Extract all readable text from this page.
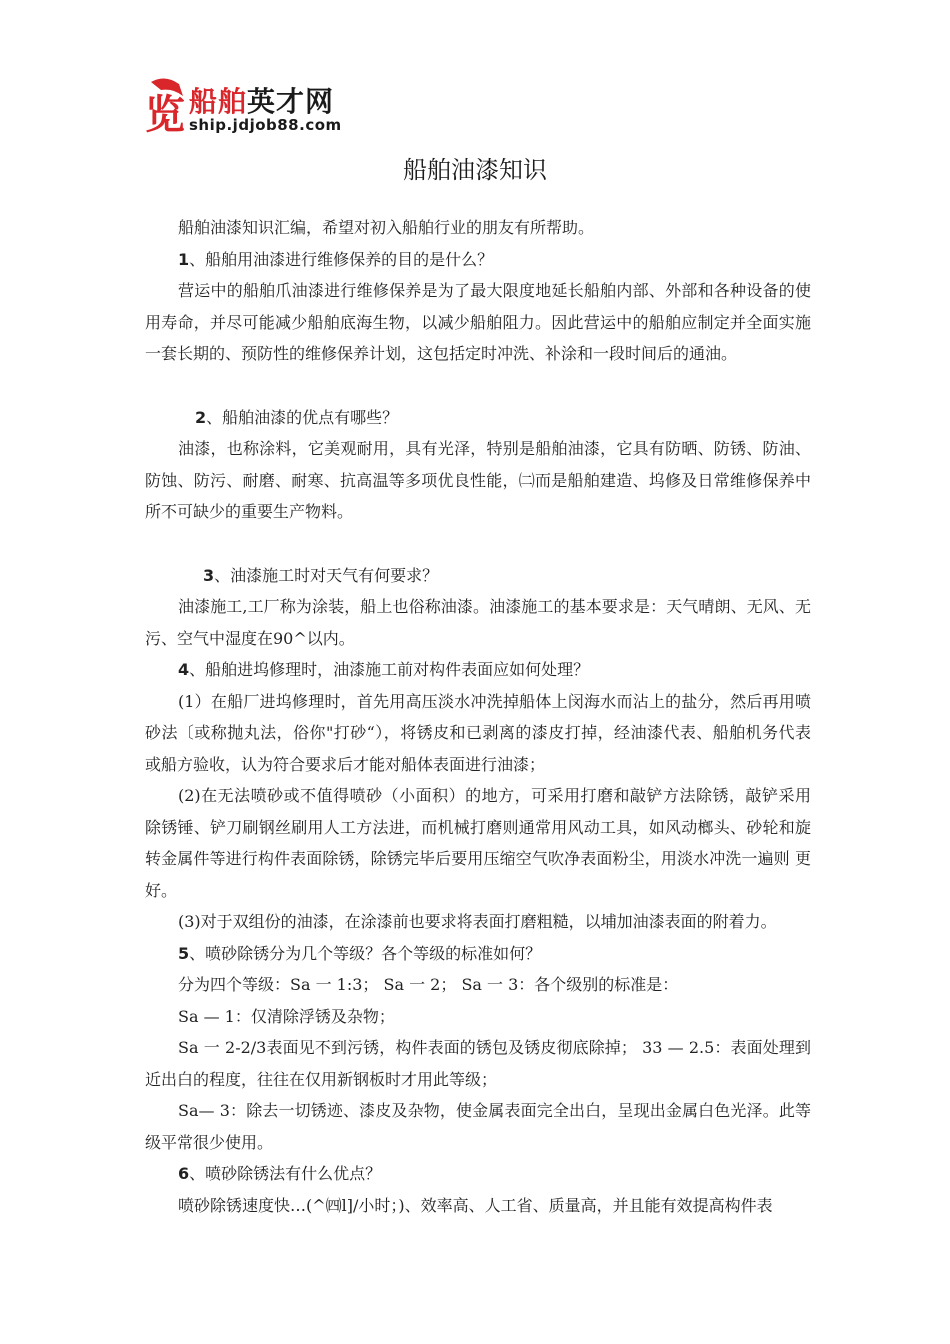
览 船舶英才网
ship.jdjob88.com
船舶油漆知识

船舶油漆知识汇编，希望对初入船舶行业的朋友有所帮助。

1、船舶用油漆进行维修保养的目的是什么？

营运中的船舶爪油漆进行维修保养是为了最大限度地延长船舶内部、外部和各种设备的使用寿命，并尽可能减少船舶底海生物，以减少船舶阻力。因此营运中的船舶应制定并全面实施一套长期的、预防性的维修保养计划，这包括定时冲洗、补涂和一段时间后的通油。

2、船舶油漆的优点有哪些？

油漆，也称涂料，它美观耐用，具有光泽，特别是船舶油漆，它具有防晒、防锈、防油、防蚀、防污、耐磨、耐寒、抗高温等多项优良性能，㈡而是船舶建造、坞修及日常维修保养中所不可缺少的重要生产物料。

3、油漆施工时对天气有何要求？

油漆施工,工厂称为涂装，船上也俗称油漆。油漆施工的基本要求是：天气晴朗、无风、无 污、空气中湿度在90^以内。

4、船舶进坞修理时，油漆施工前对构件表面应如何处理？

(1）在船厂进坞修理时，首先用高压淡水冲洗掉船体上闵海水而沾上的盐分，然后再用喷 砂法〔或称抛丸法，俗你"打砂“），将锈皮和已剥离的漆皮打掉，经油漆代表、船舶机务代表 或船方验收，认为符合要求后才能对船体表面进行油漆；

(2)在无法喷砂或不值得喷砂（小面积）的地方，可采用打磨和敲铲方法除锈，敲铲采用 除锈锤、铲刀刷钢丝刷用人工方法进，而机械打磨则通常用风动工具，如风动榔头、砂轮和旋 转金属件等进行构件表面除锈，除锈完毕后要用压缩空气吹净表面粉尘，用淡水冲洗一遍则 更好。

(3)对于双组份的油漆，在涂漆前也要求将表面打磨粗糙，以埔加油漆表面的附着力。

5、喷砂除锈分为几个等级？各个等级的标准如何？

分为四个等级：Sa 一 1:3； Sa 一 2； Sa 一 3：各个级别的标准是：

Sa — 1：仅清除浮锈及杂物；

Sa 一 2-2/3表面见不到污锈，构件表面的锈包及锈皮彻底除掉； 33 — 2.5：表面处理到近出白的程度，往往在仅用新钢板时才用此等级；

Sa— 3：除去一切锈迹、漆皮及杂物，使金属表面完全出白，呈现出金属白色光泽。此等 级平常很少使用。

6、喷砂除锈法有什么优点？

喷砂除锈速度快…(^㈣l]/小时；)、效率高、人工省、质量高，并且能有效提高构件表
